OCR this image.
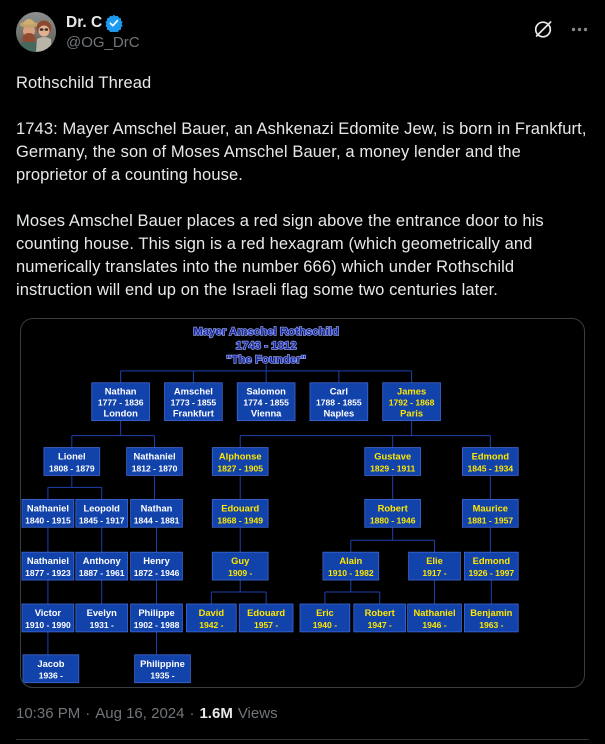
Dr. C
@OG_DrC

Rothschild Thread

1743: Mayer Amschel Bauer, an Ashkenazi Edomite Jew, is born in Frankfurt, Germany, the son of Moses Amschel Bauer, a money lender and the proprietor of a counting house.

Moses Amschel Bauer places a red sign above the entrance door to his counting house. This sign is a red hexagram (which geometrically and numerically translates into the number 666) which under Rothschild instruction will end up on the Israeli flag some two centuries later.

Nathan
1777 - 1836
London
Amschel
1773 - 1855
Frankfurt
Salomon
1774 - 1855
Vienna
Carl
1788 - 1855
Naples
James
1792 - 1868
Paris
Lionel
1808 - 1879
Nathaniel
1812 - 1870
Alphonse
1827 - 1905
Gustave
1829 - 1911
Edmond
1845 - 1934
Nathaniel
1840 - 1915
Leopold
1845 - 1917
Nathan
1844 - 1881
Edouard
1868 - 1949
Robert
1880 - 1946
Maurice
1881 - 1957
Nathaniel
1877 - 1923
Anthony
1887 - 1961
Henry
1872 - 1946
Guy
1909 -
Alain
1910 - 1982
Elie
1917 -
Edmond
1926 - 1997
Victor
1910 - 1990
Evelyn
1931 -
Philippe
1902 - 1988
David
1942 -
Edouard
1957 -
Eric
1940 -
Robert
1947 -
Nathaniel
1946 -
Benjamin
1963 -
Jacob
1936 -
Philippine
1935 -
Mayer Amschel Rothschild
1743 - 1812
"The Founder"
10:36 PM · Aug 16, 2024 · 1.6M Views
